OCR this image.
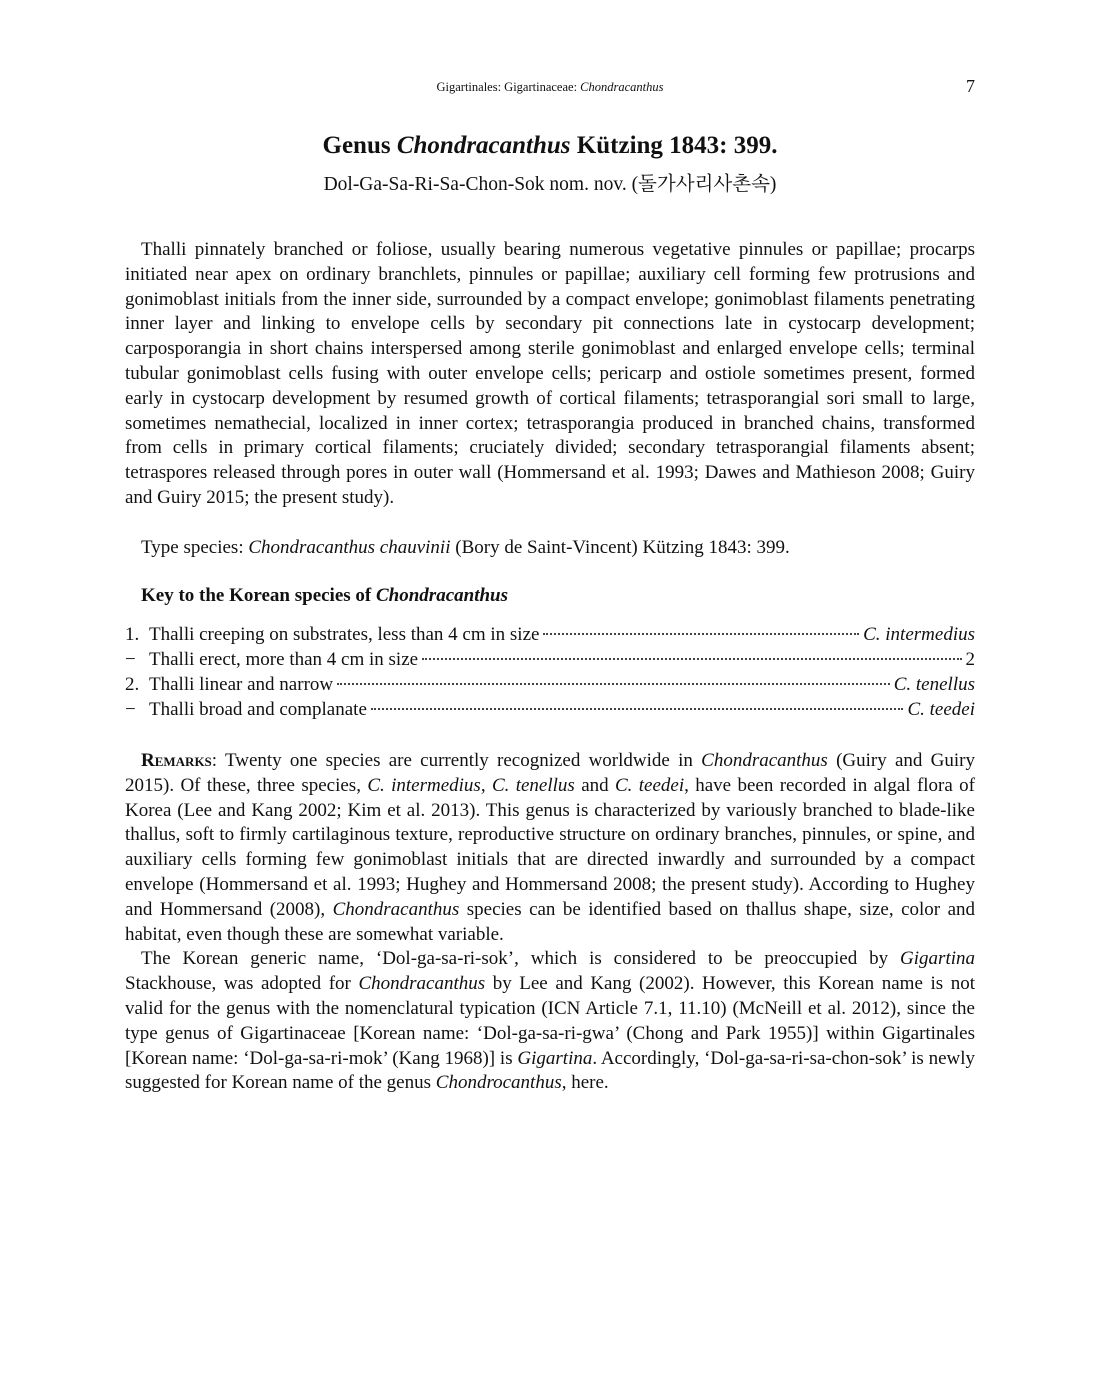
Gigartinales: Gigartinaceae: Chondracanthus	7
Genus Chondracanthus Kützing 1843: 399.
Dol-Ga-Sa-Ri-Sa-Chon-Sok nom. nov. (돌가사리사촌속)

Thalli pinnately branched or foliose, usually bearing numerous vegetative pinnules or papillae; procarps initiated near apex on ordinary branchlets, pinnules or papillae; auxiliary cell forming few protrusions and gonimoblast initials from the inner side, surrounded by a compact envelope; gonimoblast filaments penetrating inner layer and linking to envelope cells by secondary pit connections late in cystocarp development; carposporangia in short chains interspersed among sterile gonimoblast and enlarged envelope cells; terminal tubular gonimoblast cells fusing with outer envelope cells; pericarp and ostiole sometimes present, formed early in cystocarp development by resumed growth of cortical filaments; tetrasporangial sori small to large, sometimes nemathecial, localized in inner cortex; tetrasporangia produced in branched chains, transformed from cells in primary cortical filaments; cruciately divided; secondary tetrasporangial filaments absent; tetraspores released through pores in outer wall (Hommersand et al. 1993; Dawes and Mathieson 2008; Guiry and Guiry 2015; the present study).

Type species: Chondracanthus chauvinii (Bory de Saint-Vincent) Kützing 1843: 399.
Key to the Korean species of Chondracanthus
1. Thalli creeping on substrates, less than 4 cm in size	C. intermedius
− Thalli erect, more than 4 cm in size	2
2. Thalli linear and narrow	C. tenellus
− Thalli broad and complanate	C. teedei

Remarks: Twenty one species are currently recognized worldwide in Chondracanthus (Guiry and Guiry 2015). Of these, three species, C. intermedius, C. tenellus and C. teedei, have been recorded in algal flora of Korea (Lee and Kang 2002; Kim et al. 2013). This genus is characterized by variously branched to blade-like thallus, soft to firmly cartilaginous texture, reproductive structure on ordinary branches, pinnules, or spine, and auxiliary cells forming few gonimoblast initials that are directed inwardly and surrounded by a compact envelope (Hommersand et al. 1993; Hughey and Hommersand 2008; the present study). According to Hughey and Hommersand (2008), Chondracanthus species can be identified based on thallus shape, size, color and habitat, even though these are somewhat variable.

The Korean generic name, ‘Dol-ga-sa-ri-sok’, which is considered to be preoccupied by Gigartina Stackhouse, was adopted for Chondracanthus by Lee and Kang (2002). However, this Korean name is not valid for the genus with the nomenclatural typication (ICN Article 7.1, 11.10) (McNeill et al. 2012), since the type genus of Gigartinaceae [Korean name: ‘Dol-ga-sa-ri-gwa’ (Chong and Park 1955)] within Gigartinales [Korean name: ‘Dol-ga-sa-ri-mok’ (Kang 1968)] is Gigartina. Accordingly, ‘Dol-ga-sa-ri-sa-chon-sok’ is newly suggested for Korean name of the genus Chondrocanthus, here.
